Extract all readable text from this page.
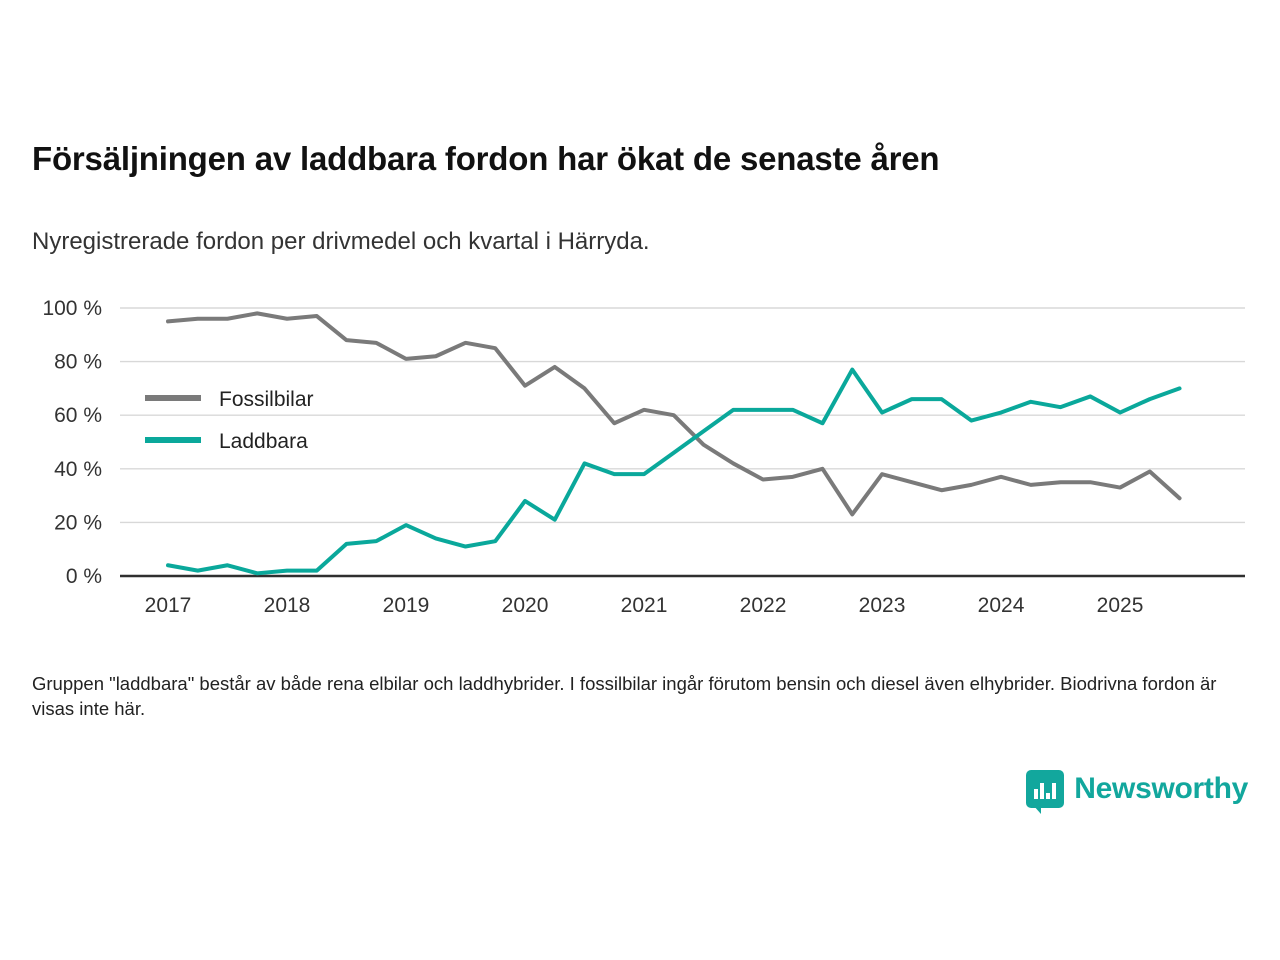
Försäljningen av laddbara fordon har ökat de senaste åren

Nyregistrerade fordon per drivmedel och kvartal i Härryda.

0 %
20 %
40 %
60 %
80 %
100 %
2017	2018	2019	2020	2021	2022	2023	2024	2025
Fossilbilar
Laddbara
Gruppen "laddbara" består av både rena elbilar och laddhybrider. I fossilbilar ingår förutom bensin och diesel även elhybrider. Biodrivna fordon är visas inte här.
Newsworthy
